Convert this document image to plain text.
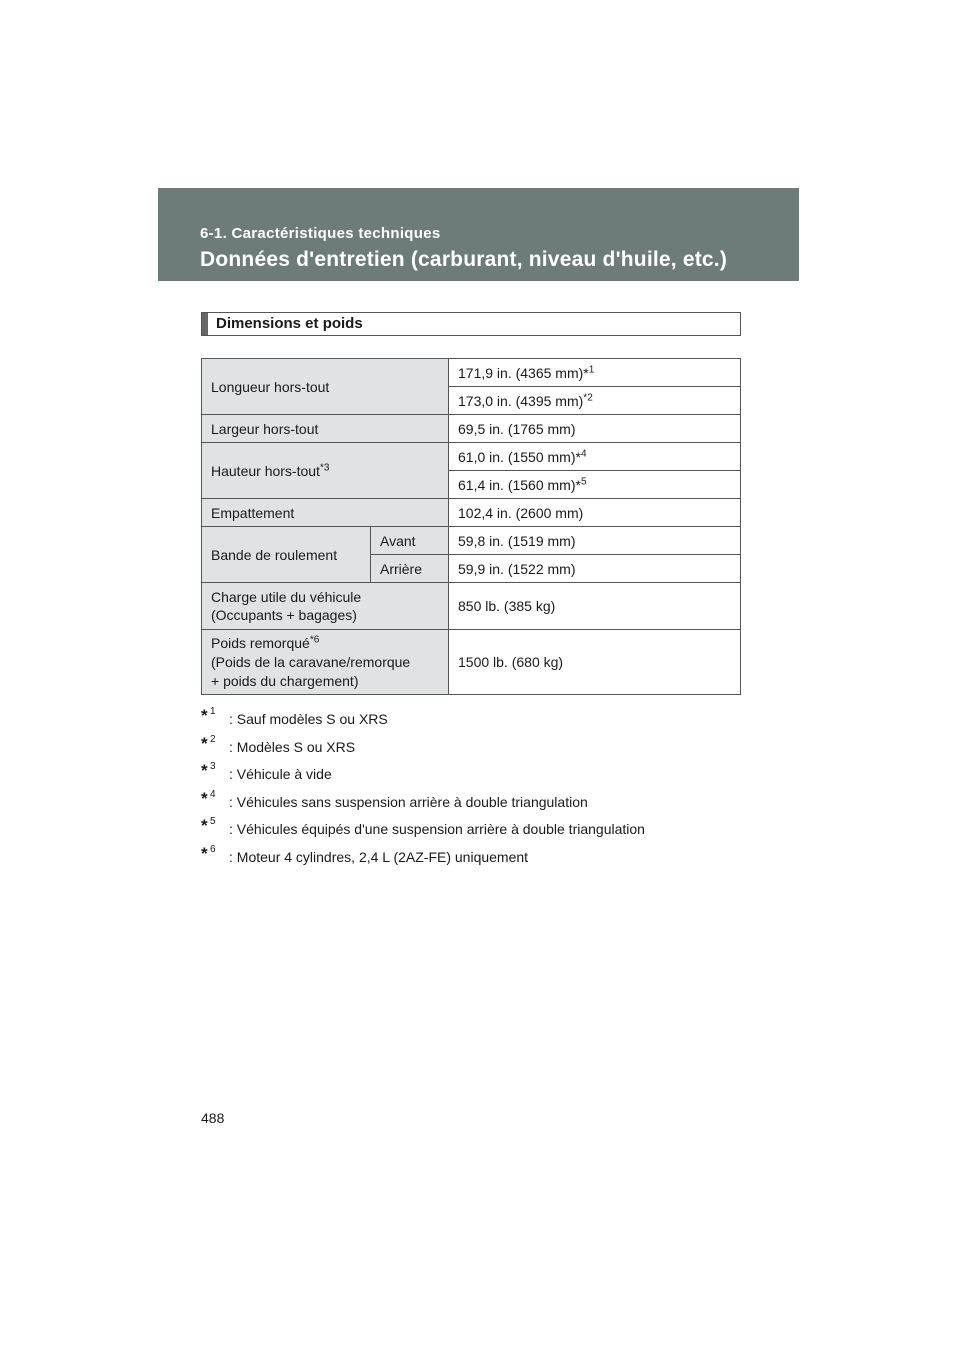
6-1. Caractéristiques techniques
Données d'entretien (carburant, niveau d'huile, etc.)
Dimensions et poids
Longueur hors-tout		171,9 in. (4365 mm)*$^1$
		173,0 in. (4395 mm)$^{*2}$
Largeur hors-tout		69,5 in. (1765 mm)
Hauteur hors-tout$^{*3}$		61,0 in. (1550 mm)*$^4$
		61,4 in. (1560 mm)*$^5$
Empattement		102,4 in. (2600 mm)
Bande de roulement	Avant	59,8 in. (1519 mm)
	Arrière	59,9 in. (1522 mm)
Charge utile du véhicule
(Occupants + bagages)		850 lb. (385 kg)
Poids remorqué$^{*6}$
(Poids de la caravane/remorque
+ poids du chargement)		1500 lb. (680 kg)
* 1 : Sauf modèles S ou XRS
* 2 : Modèles S ou XRS
* 3 : Véhicule à vide
* 4 : Véhicules sans suspension arrière à double triangulation
* 5 : Véhicules équipés d'une suspension arrière à double triangulation
* 6 : Moteur 4 cylindres, 2,4 L (2AZ-FE) uniquement
488
